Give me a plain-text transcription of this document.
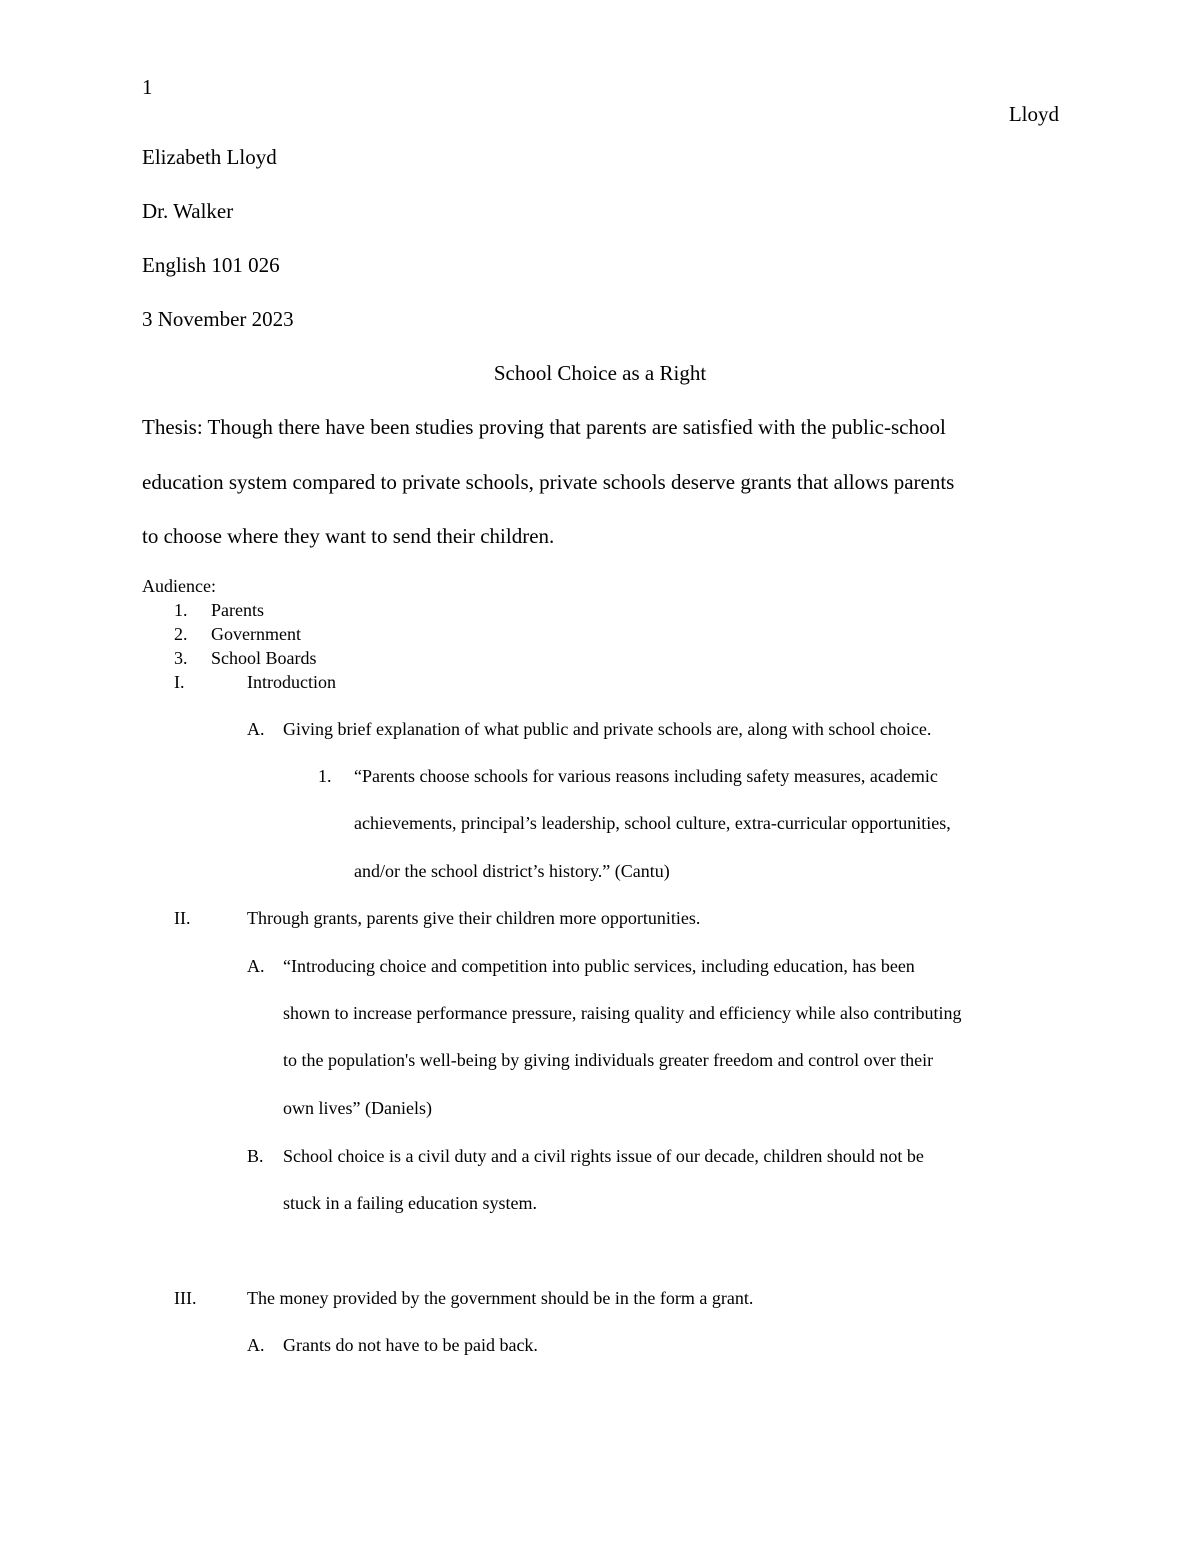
1
Lloyd
Elizabeth Lloyd
Dr. Walker
English 101 026
3 November 2023
School Choice as a Right
Thesis: Though there have been studies proving that parents are satisfied with the public-school
education system compared to private schools, private schools deserve grants that allows parents
to choose where they want to send their children.
Audience:
1. Parents
2. Government
3. School Boards
I.	Introduction
A. Giving brief explanation of what public and private schools are, along with school choice.
1. “Parents choose schools for various reasons including safety measures, academic
achievements, principal’s leadership, school culture, extra-curricular opportunities,
and/or the school district’s history.” (Cantu)
II.	Through grants, parents give their children more opportunities.
A. “Introducing choice and competition into public services, including education, has been
shown to increase performance pressure, raising quality and efficiency while also contributing
to the population's well-being by giving individuals greater freedom and control over their
own lives” (Daniels)
B. School choice is a civil duty and a civil rights issue of our decade, children should not be
stuck in a failing education system.
III.	The money provided by the government should be in the form a grant.
A. Grants do not have to be paid back.
